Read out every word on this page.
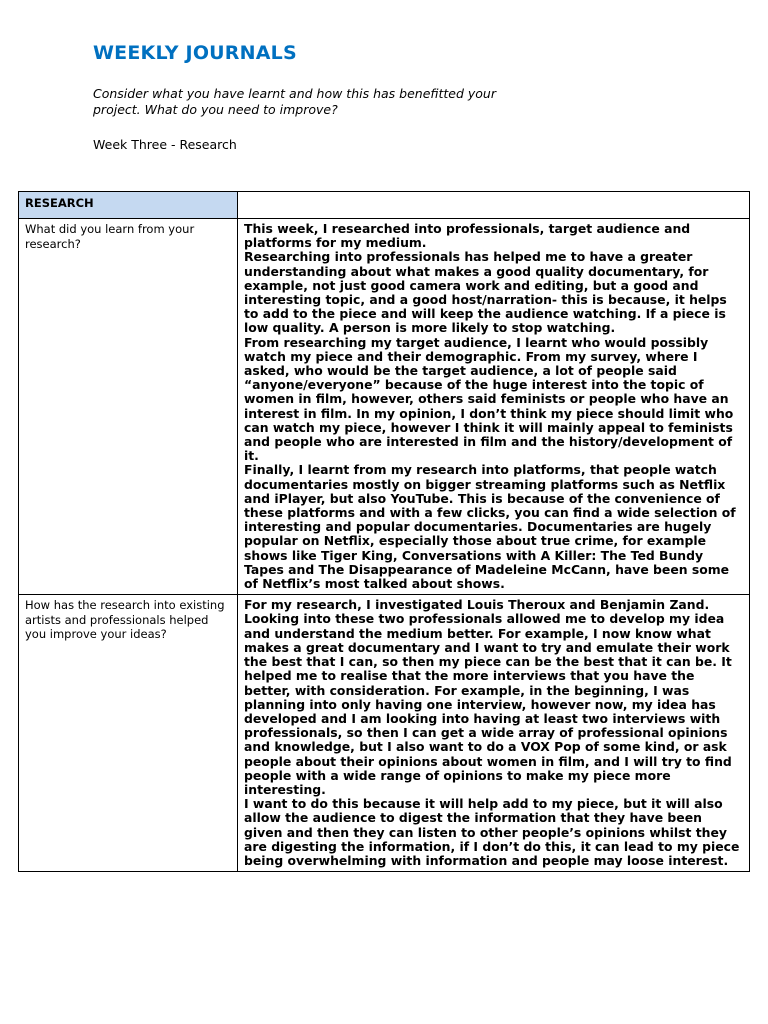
WEEKLY JOURNALS

Consider what you have learnt and how this has benefitted your project. What do you need to improve?

Week Three - Research

RESEARCH	
What did you learn from your research?	This week, I researched into professionals, target audience and platforms for my medium.

Researching into professionals has helped me to have a greater understanding about what makes a good quality documentary, for example, not just good camera work and editing, but a good and interesting topic, and a good host/narration- this is because, it helps to add to the piece and will keep the audience watching. If a piece is low quality. A person is more likely to stop watching.

From researching my target audience, I learnt who would possibly watch my piece and their demographic. From my survey, where I asked, who would be the target audience, a lot of people said “anyone/everyone” because of the huge interest into the topic of women in film, however, others said feminists or people who have an interest in film. In my opinion, I don’t think my piece should limit who can watch my piece, however I think it will mainly appeal to feminists and people who are interested in film and the history/development of it.

Finally, I learnt from my research into platforms, that people watch documentaries mostly on bigger streaming platforms such as Netflix and iPlayer, but also YouTube. This is because of the convenience of these platforms and with a few clicks, you can find a wide selection of interesting and popular documentaries. Documentaries are hugely popular on Netflix, especially those about true crime, for example shows like Tiger King, Conversations with A Killer: The Ted Bundy Tapes and The Disappearance of Madeleine McCann, have been some of Netflix’s most talked about shows.

How has the research into existing artists and professionals helped you improve your ideas?	For my research, I investigated Louis Theroux and Benjamin Zand. Looking into these two professionals allowed me to develop my idea and understand the medium better. For example, I now know what makes a great documentary and I want to try and emulate their work the best that I can, so then my piece can be the best that it can be. It helped me to realise that the more interviews that you have the better, with consideration. For example, in the beginning, I was planning into only having one interview, however now, my idea has developed and I am looking into having at least two interviews with professionals, so then I can get a wide array of professional opinions and knowledge, but I also want to do a VOX Pop of some kind, or ask people about their opinions about women in film, and I will try to find people with a wide range of opinions to make my piece more interesting.

I want to do this because it will help add to my piece, but it will also allow the audience to digest the information that they have been given and then they can listen to other people’s opinions whilst they are digesting the information, if I don’t do this, it can lead to my piece being overwhelming with information and people may loose interest.
